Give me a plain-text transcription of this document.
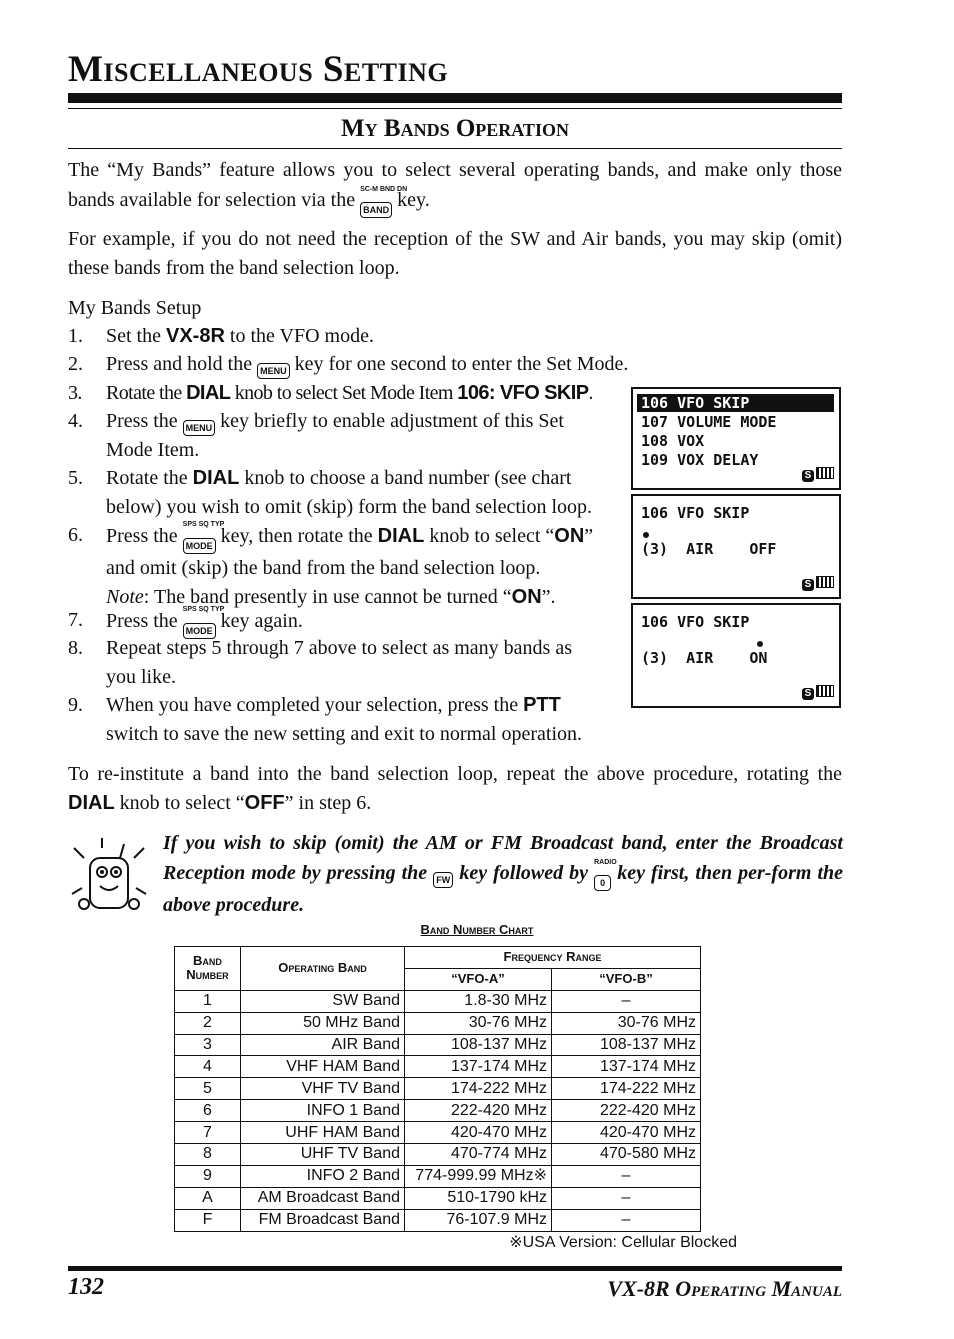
Miscellaneous Setting
My Bands Operation
The “My Bands” feature allows you to select several operating bands, and make only those bands available for selection via the SC-M BND DN
BAND key.
For example, if you do not need the reception of the SW and Air bands, you may skip (omit) these bands from the band selection loop.
My Bands Setup
1. Set the VX-8R to the VFO mode.
2. Press and hold the MENU key for one second to enter the Set Mode.
3. Rotate the DIAL knob to select Set Mode Item 106: VFO SKIP.
4. Press the MENU key briefly to enable adjustment of this Set
Mode Item.
5. Rotate the DIAL knob to choose a band number (see chart
below) you wish to omit (skip) form the band selection loop.
6. Press the
SPS SQ TYP
MODE key, then rotate the DIAL knob to select “ON”
and omit (skip) the band from the band selection loop.
Note: The band presently in use cannot be turned “ON”.
7. Press the
SPS SQ TYP
MODE key again.
8. Repeat steps 5 through 7 above to select as many bands as
you like.
9. When you have completed your selection, press the PTT
switch to save the new setting and exit to normal operation.
106 VFO SKIP
107 VOLUME MODE
108 VOX
109 VOX DELAY
S
106 VFO SKIP
(3)  AIR    OFF
S
106 VFO SKIP
(3)  AIR    ON
S
To re-institute a band into the band selection loop, repeat the above procedure, rotating the DIAL knob to select “OFF” in step 6.
If you wish to skip (omit) the AM or FM Broadcast band, enter the Broadcast Reception mode by pressing the FW key followed by RADIO
0 key first, then per-form the above procedure.
Band Number Chart
Band Number	Operating Band	Frequency Range	
		“VFO-A”	“VFO-B”
1	SW Band	1.8-30 MHz	–
2	50 MHz Band	30-76 MHz	30-76 MHz
3	AIR Band	108-137 MHz	108-137 MHz
4	VHF HAM Band	137-174 MHz	137-174 MHz
5	VHF TV Band	174-222 MHz	174-222 MHz
6	INFO 1 Band	222-420 MHz	222-420 MHz
7	UHF HAM Band	420-470 MHz	420-470 MHz
8	UHF TV Band	470-774 MHz	470-580 MHz
9	INFO 2 Band	774-999.99 MHz※	–
A	AM Broadcast Band	510-1790 kHz	–
F	FM Broadcast Band	76-107.9 MHz	–
※USA Version: Cellular Blocked
132	VX-8R Operating Manual
